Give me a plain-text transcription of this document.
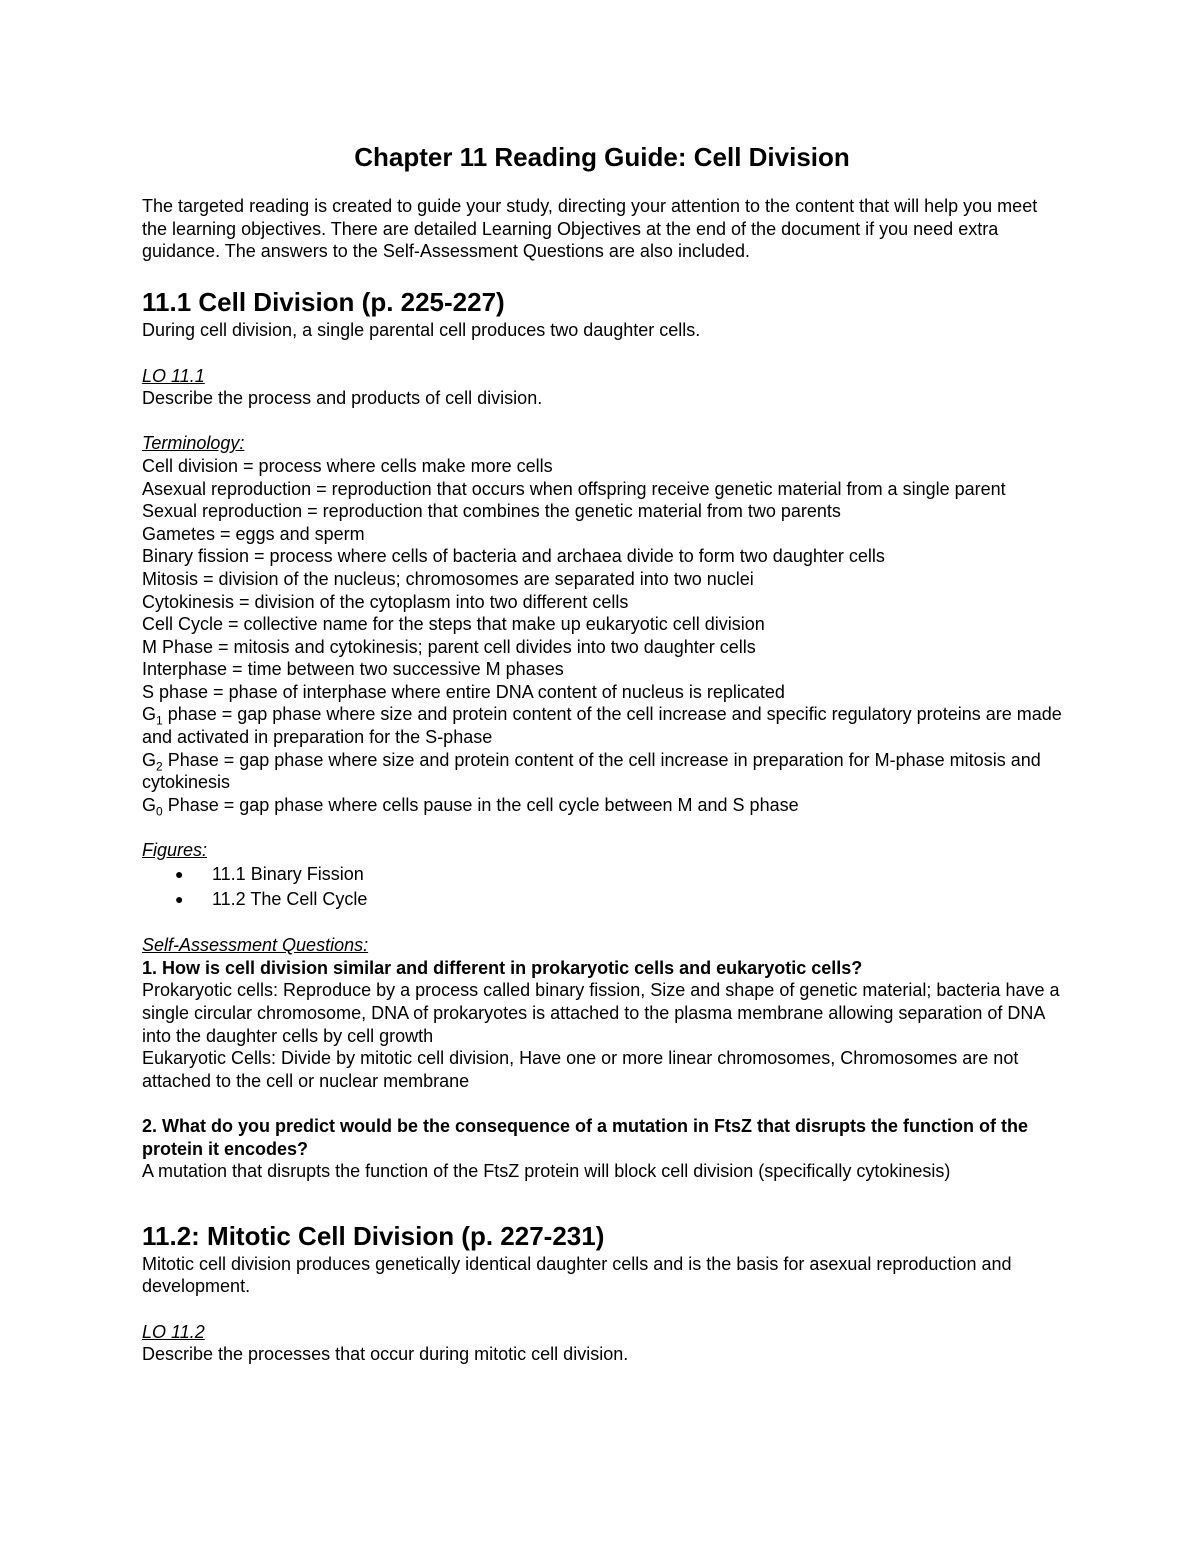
Chapter 11 Reading Guide: Cell Division

The targeted reading is created to guide your study, directing your attention to the content that will help you meet the learning objectives. There are detailed Learning Objectives at the end of the document if you need extra guidance. The answers to the Self-Assessment Questions are also included.

11.1 Cell Division (p. 225-227)

During cell division, a single parental cell produces two daughter cells.

LO 11.1

Describe the process and products of cell division.

Terminology:

Cell division = process where cells make more cells

Asexual reproduction = reproduction that occurs when offspring receive genetic material from a single parent

Sexual reproduction = reproduction that combines the genetic material from two parents

Gametes = eggs and sperm

Binary fission = process where cells of bacteria and archaea divide to form two daughter cells

Mitosis = division of the nucleus; chromosomes are separated into two nuclei

Cytokinesis = division of the cytoplasm into two different cells

Cell Cycle = collective name for the steps that make up eukaryotic cell division

M Phase = mitosis and cytokinesis; parent cell divides into two daughter cells

Interphase = time between two successive M phases

S phase = phase of interphase where entire DNA content of nucleus is replicated

$G_1$ phase = gap phase where size and protein content of the cell increase and specific regulatory proteins are made and activated in preparation for the S-phase

$G_2$ Phase = gap phase where size and protein content of the cell increase in preparation for M-phase mitosis and cytokinesis

$G_0$ Phase = gap phase where cells pause in the cell cycle between M and S phase

Figures:
● 11.1 Binary Fission
● 11.2 The Cell Cycle
Self-Assessment Questions:

1. How is cell division similar and different in prokaryotic cells and eukaryotic cells?

Prokaryotic cells: Reproduce by a process called binary fission, Size and shape of genetic material; bacteria have a single circular chromosome, DNA of prokaryotes is attached to the plasma membrane allowing separation of DNA into the daughter cells by cell growth

Eukaryotic Cells: Divide by mitotic cell division, Have one or more linear chromosomes, Chromosomes are not attached to the cell or nuclear membrane

2. What do you predict would be the consequence of a mutation in FtsZ that disrupts the function of the protein it encodes?

A mutation that disrupts the function of the FtsZ protein will block cell division (specifically cytokinesis)

11.2: Mitotic Cell Division (p. 227-231)

Mitotic cell division produces genetically identical daughter cells and is the basis for asexual reproduction and development.

LO 11.2

Describe the processes that occur during mitotic cell division.
